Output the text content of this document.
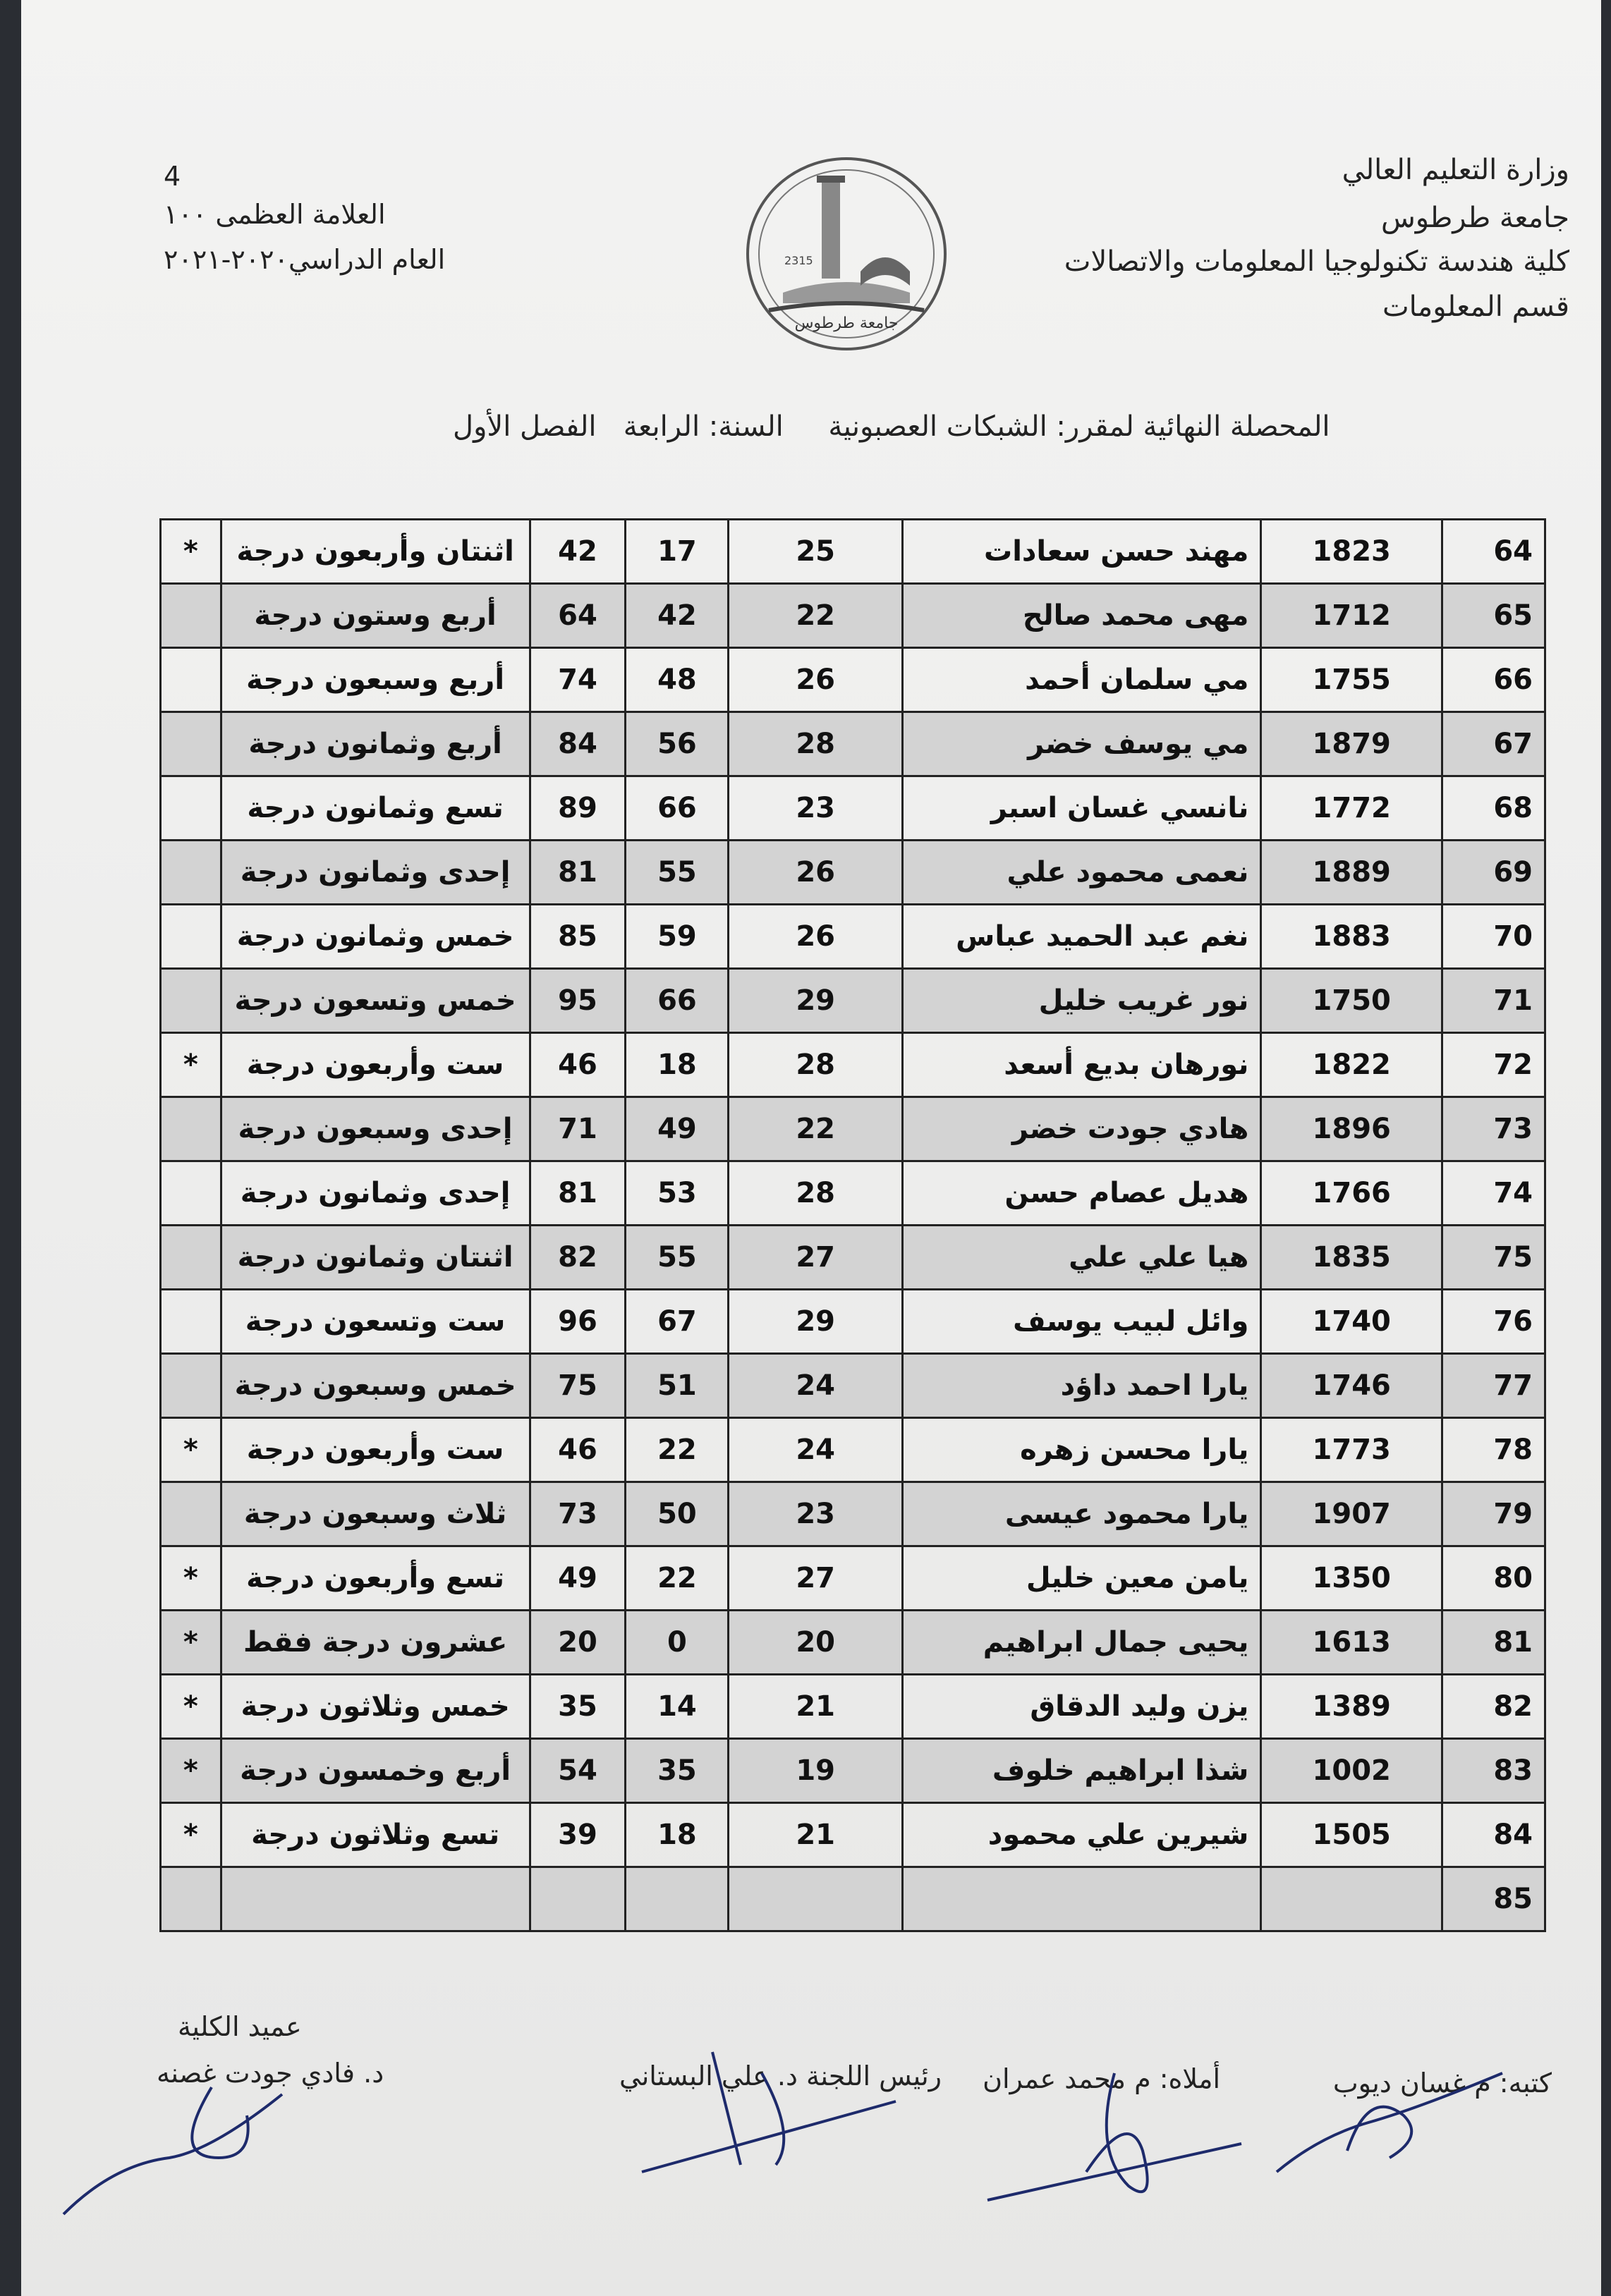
وزارة التعليم العالي
جامعة طرطوس
كلية هندسة تكنولوجيا المعلومات والاتصالات
قسم المعلومات
4
العلامة العظمى ١٠٠
العام الدراسي٢٠٢٠-٢٠٢١	2315
جامعة طرطوس
المحصلة النهائية لمقرر: الشبكات العصبونية     السنة: الرابعة   الفصل الأول
64	1823	مهند حسن سعادات	25	17	42	اثنتان وأربعون درجة	*
65	1712	مهى محمد صالح	22	42	64	أربع وستون درجة	
66	1755	مي سلمان أحمد	26	48	74	أربع وسبعون درجة	
67	1879	مي يوسف خضر	28	56	84	أربع وثمانون درجة	
68	1772	نانسي غسان اسبر	23	66	89	تسع وثمانون درجة	
69	1889	نعمى محمود علي	26	55	81	إحدى وثمانون درجة	
70	1883	نغم عبد الحميد عباس	26	59	85	خمس وثمانون درجة	
71	1750	نور غريب خليل	29	66	95	خمس وتسعون درجة	
72	1822	نورهان بديع أسعد	28	18	46	ست وأربعون درجة	*
73	1896	هادي جودت خضر	22	49	71	إحدى وسبعون درجة	
74	1766	هديل عصام حسن	28	53	81	إحدى وثمانون درجة	
75	1835	هيا علي علي	27	55	82	اثنتان وثمانون درجة	
76	1740	وائل لبيب يوسف	29	67	96	ست وتسعون درجة	
77	1746	يارا احمد داؤد	24	51	75	خمس وسبعون درجة	
78	1773	يارا محسن زهره	24	22	46	ست وأربعون درجة	*
79	1907	يارا محمود عيسى	23	50	73	ثلاث وسبعون درجة	
80	1350	يامن معين خليل	27	22	49	تسع وأربعون درجة	*
81	1613	يحيى جمال ابراهيم	20	0	20	عشرون درجة فقط	*
82	1389	يزن وليد الدقاق	21	14	35	خمس وثلاثون درجة	*
83	1002	شذا ابراهيم خلوف	19	35	54	أربع وخمسون درجة	*
84	1505	شيرين علي محمود	21	18	39	تسع وثلاثون درجة	*
85							
كتبه: م غسان ديوب
أملاه: م محمد عمران
رئيس اللجنة د. علي البستاني
عميد الكلية
د. فادي جودت غصنه
